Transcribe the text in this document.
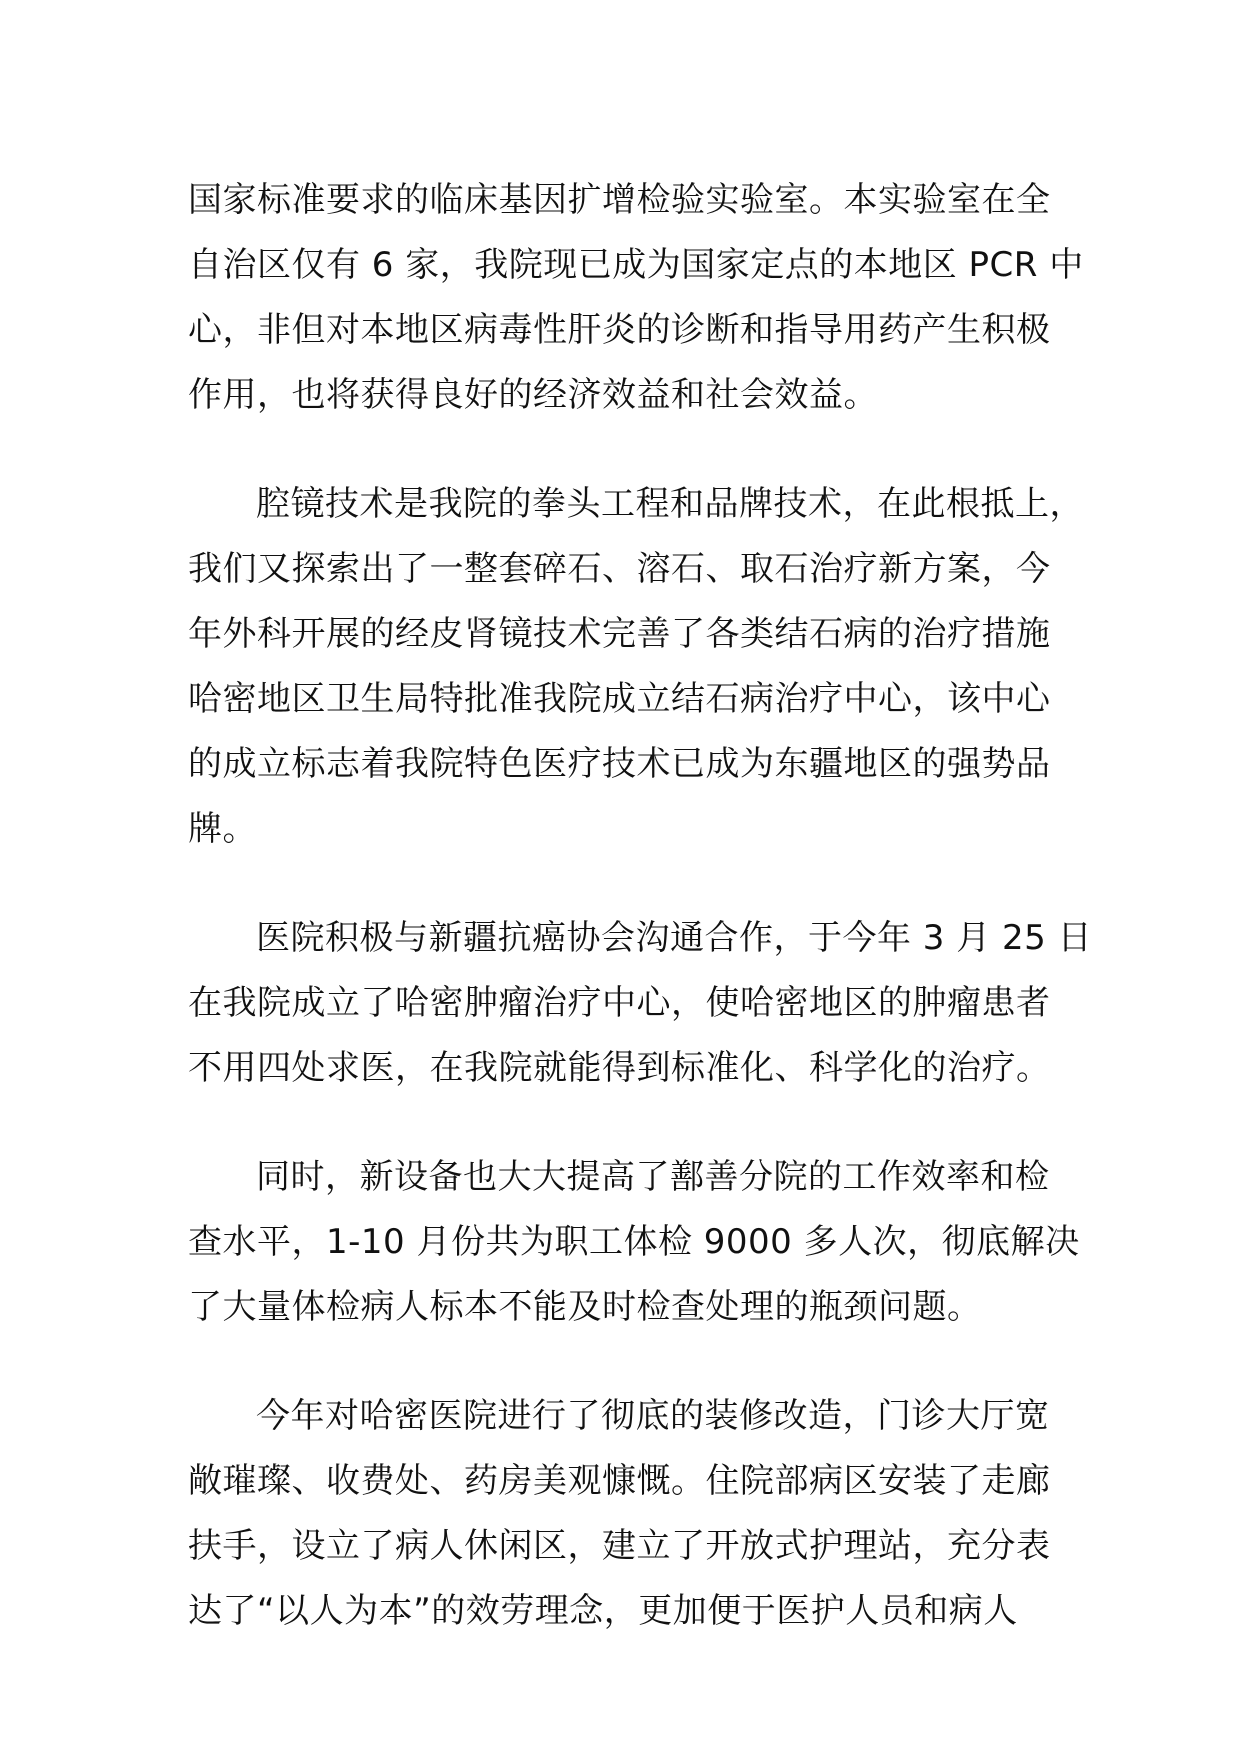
国家标准要求的临床基因扩增检验实验室。本实验室在全
自治区仅有 6 家，我院现已成为国家定点的本地区 PCR 中
心，非但对本地区病毒性肝炎的诊断和指导用药产生积极
作用，也将获得良好的经济效益和社会效益。

腔镜技术是我院的拳头工程和品牌技术，在此根抵上，
我们又探索出了一整套碎石、溶石、取石治疗新方案，今
年外科开展的经皮肾镜技术完善了各类结石病的治疗措施
哈密地区卫生局特批准我院成立结石病治疗中心，该中心
的成立标志着我院特色医疗技术已成为东疆地区的强势品
牌。

医院积极与新疆抗癌协会沟通合作，于今年 3 月 25 日
在我院成立了哈密肿瘤治疗中心，使哈密地区的肿瘤患者
不用四处求医，在我院就能得到标准化、科学化的治疗。

同时，新设备也大大提高了鄯善分院的工作效率和检
查水平，1-10 月份共为职工体检 9000 多人次，彻底解决
了大量体检病人标本不能及时检查处理的瓶颈问题。

今年对哈密医院进行了彻底的装修改造，门诊大厅宽
敞璀璨、收费处、药房美观慷慨。住院部病区安装了走廊
扶手，设立了病人休闲区，建立了开放式护理站，充分表
达了“以人为本”的效劳理念，更加便于医护人员和病人
